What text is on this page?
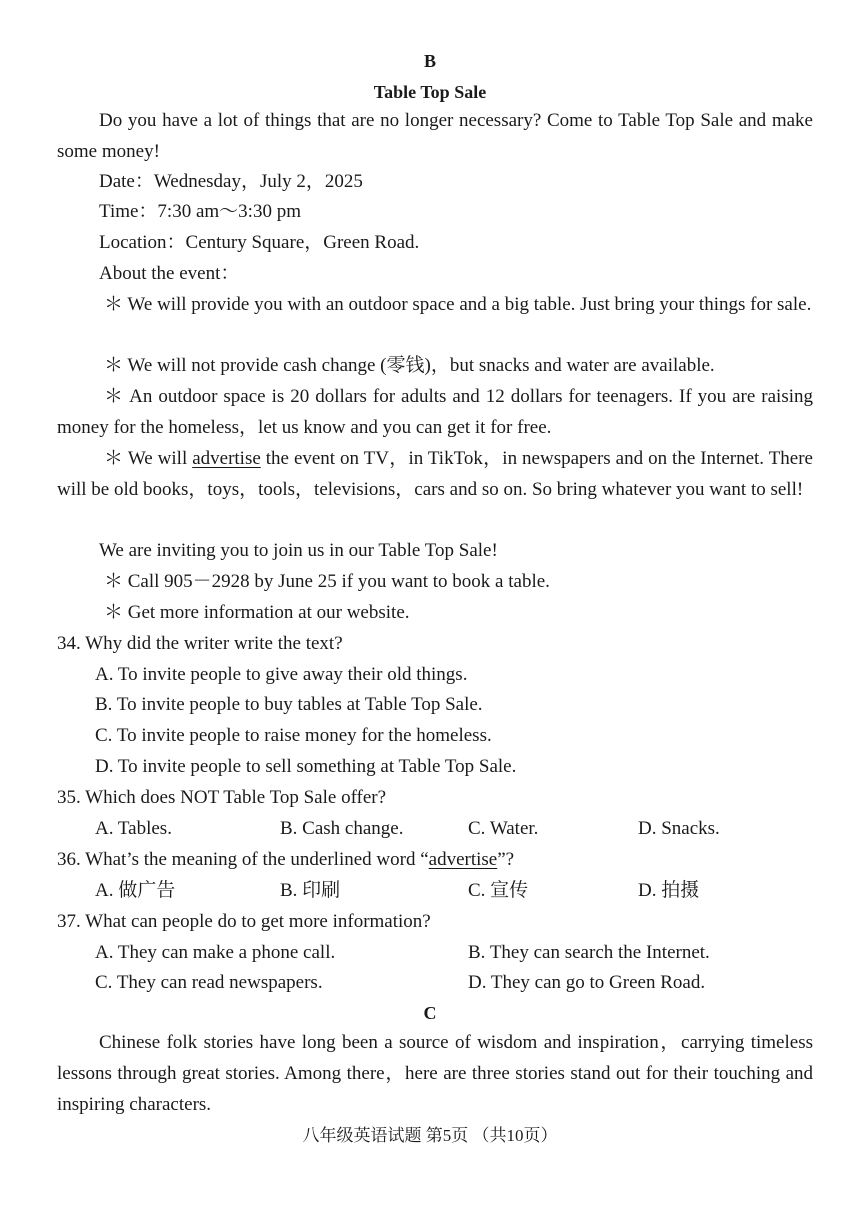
B
Table Top Sale
Do you have a lot of things that are no longer necessary? Come to Table Top Sale and make some money!
Date：Wednesday，July 2，2025
Time：7:30 am～3:30 pm
Location：Century Square，Green Road.
About the event：
＊ We will provide you with an outdoor space and a big table. Just bring your things for sale.
＊ We will not provide cash change (零钱)，but snacks and water are available.
＊ An outdoor space is 20 dollars for adults and 12 dollars for teenagers. If you are raising money for the homeless，let us know and you can get it for free.
＊ We will advertise the event on TV，in TikTok，in newspapers and on the Internet. There will be old books，toys，tools，televisions，cars and so on. So bring whatever you want to sell!
We are inviting you to join us in our Table Top Sale!
＊ Call 905－2928 by June 25 if you want to book a table.
＊ Get more information at our website.
34. Why did the writer write the text?
A. To invite people to give away their old things.
B. To invite people to buy tables at Table Top Sale.
C. To invite people to raise money for the homeless.
D. To invite people to sell something at Table Top Sale.
35. Which does NOT Table Top Sale offer?
A. Tables.	B. Cash change.	C. Water.	D. Snacks.
36. What’s the meaning of the underlined word “advertise”?
A. 做广告	B. 印刷	C. 宣传	D. 拍摄
37. What can people do to get more information?
A. They can make a phone call.	B. They can search the Internet.
C. They can read newspapers.	D. They can go to Green Road.
C
Chinese folk stories have long been a source of wisdom and inspiration，carrying timeless lessons through great stories. Among there，here are three stories stand out for their touching and inspiring characters.
八年级英语试题 第5页 （共10页）
